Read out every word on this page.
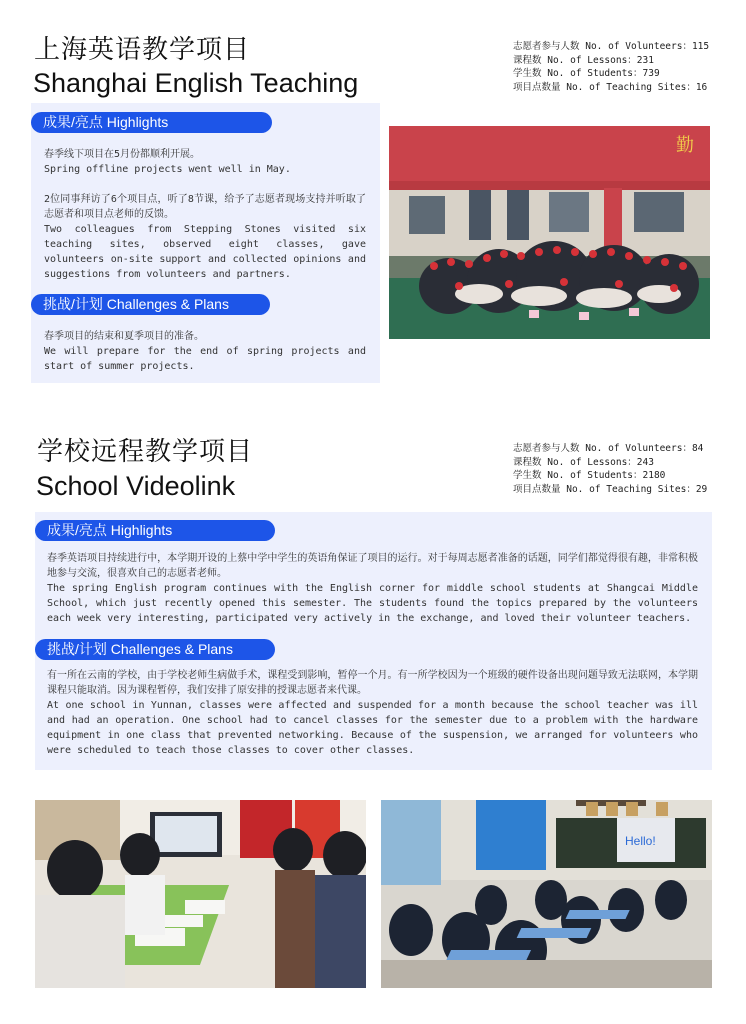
上海英语教学项目
Shanghai English Teaching
志愿者参与人数 No. of Volunteers：115
课程数 No. of Lessons：231
学生数 No. of Students：739
项目点数量 No. of Teaching Sites：16
成果/亮点 Highlights

春季线下项目在5月份都顺利开展。

Spring offline projects went well in May.

2位同事拜访了6个项目点，听了8节课，给予了志愿者现场支持并听取了志愿者和项目点老师的反馈。

Two colleagues from Stepping Stones visited six teaching sites, observed eight classes, gave volunteers on-site support and collected opinions and suggestions from volunteers and partners.

挑战/计划 Challenges & Plans

春季项目的结束和夏季项目的准备。

We will prepare for the end of spring projects and start of summer projects.

勤
学校远程教学项目
School Videolink
志愿者参与人数 No. of Volunteers：84
课程数 No. of Lessons：243
学生数 No. of Students：2180
项目点数量 No. of Teaching Sites：29
成果/亮点 Highlights

春季英语项目持续进行中，本学期开设的上蔡中学中学生的英语角保证了项目的运行。对于每周志愿者准备的话题，同学们都觉得很有趣，非常积极地参与交流，很喜欢自己的志愿者老师。

The spring English program continues with the English corner for middle school students at Shangcai Middle School, which just recently opened this semester. The students found the topics prepared by the volunteers each week very interesting, participated very actively in the exchange, and loved their volunteer teachers.

挑战/计划 Challenges & Plans

有一所在云南的学校，由于学校老师生病做手术，课程受到影响，暂停一个月。有一所学校因为一个班级的硬件设备出现问题导致无法联网，本学期课程只能取消。因为课程暂停，我们安排了原安排的授课志愿者来代课。

At one school in Yunnan, classes were affected and suspended for a month because the school teacher was ill and had an operation. One school had to cancel classes for the semester due to a problem with the hardware equipment in one class that prevented networking. Because of the suspension, we arranged for volunteers who were scheduled to teach those classes to cover other classes.

Hello!
